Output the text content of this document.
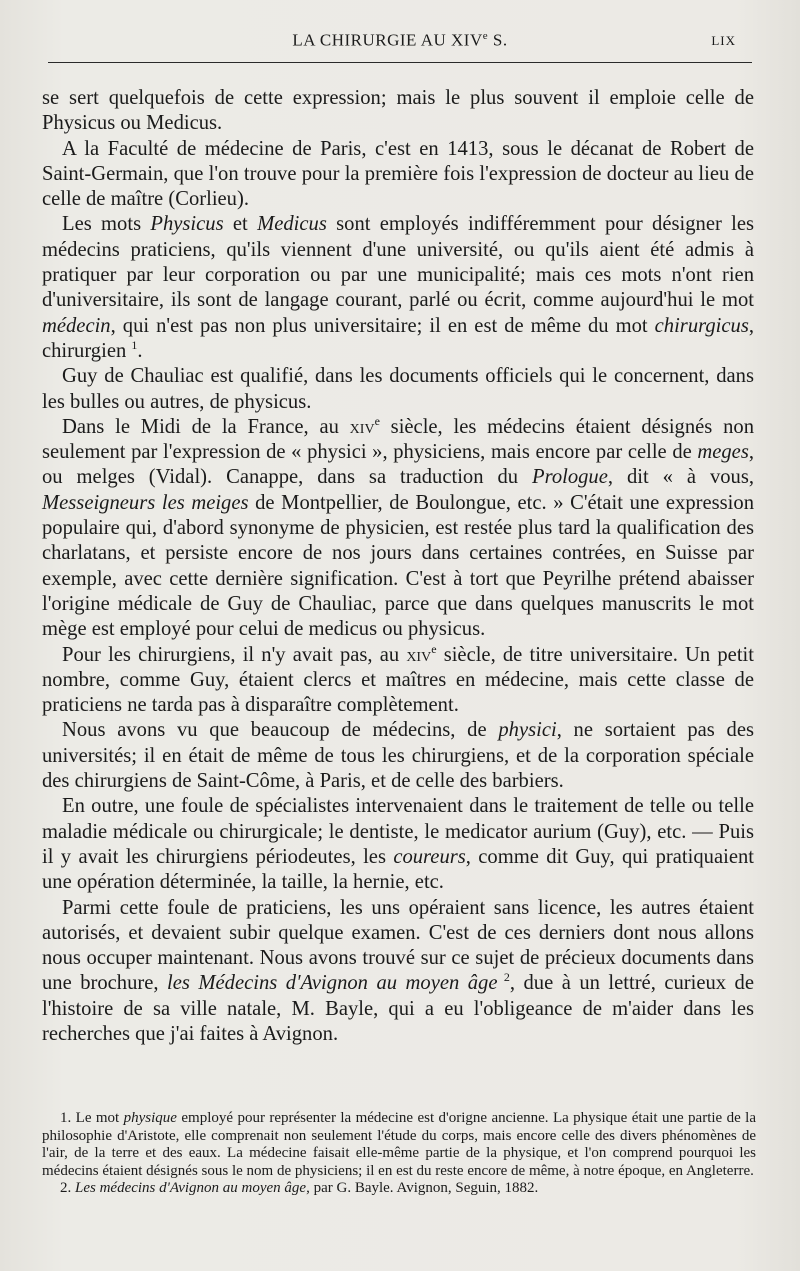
LA CHIRURGIE AU XIVe S.	LIX

se sert quelquefois de cette expression; mais le plus souvent il emploie celle de Physicus ou Medicus.

A la Faculté de médecine de Paris, c'est en 1413, sous le décanat de Robert de Saint-Germain, que l'on trouve pour la première fois l'expression de docteur au lieu de celle de maître (Corlieu).

Les mots Physicus et Medicus sont employés indifféremment pour désigner les médecins praticiens, qu'ils viennent d'une université, ou qu'ils aient été admis à pratiquer par leur corporation ou par une municipalité; mais ces mots n'ont rien d'universitaire, ils sont de langage courant, parlé ou écrit, comme aujourd'hui le mot médecin, qui n'est pas non plus universitaire; il en est de même du mot chirurgicus, chirurgien $^1$.

Guy de Chauliac est qualifié, dans les documents officiels qui le concernent, dans les bulles ou autres, de physicus.

Dans le Midi de la France, au xiv$^e$ siècle, les médecins étaient désignés non seulement par l'expression de « physici », physiciens, mais encore par celle de meges, ou melges (Vidal). Canappe, dans sa traduction du Prologue, dit « à vous, Messeigneurs les meiges de Montpellier, de Boulongue, etc. » C'était une expression populaire qui, d'abord synonyme de physicien, est restée plus tard la qualification des charlatans, et persiste encore de nos jours dans certaines contrées, en Suisse par exemple, avec cette dernière signification. C'est à tort que Peyrilhe prétend abaisser l'origine médicale de Guy de Chauliac, parce que dans quelques manuscrits le mot mège est employé pour celui de medicus ou physicus.

Pour les chirurgiens, il n'y avait pas, au xiv$^e$ siècle, de titre universitaire. Un petit nombre, comme Guy, étaient clercs et maîtres en médecine, mais cette classe de praticiens ne tarda pas à disparaître complètement.

Nous avons vu que beaucoup de médecins, de physici, ne sortaient pas des universités; il en était de même de tous les chirurgiens, et de la corporation spéciale des chirurgiens de Saint-Côme, à Paris, et de celle des barbiers.

En outre, une foule de spécialistes intervenaient dans le traitement de telle ou telle maladie médicale ou chirurgicale; le dentiste, le medicator aurium (Guy), etc. — Puis il y avait les chirurgiens périodeutes, les coureurs, comme dit Guy, qui pratiquaient une opération déterminée, la taille, la hernie, etc.

Parmi cette foule de praticiens, les uns opéraient sans licence, les autres étaient autorisés, et devaient subir quelque examen. C'est de ces derniers dont nous allons nous occuper maintenant. Nous avons trouvé sur ce sujet de précieux documents dans une brochure, les Médecins d'Avignon au moyen âge $^2$, due à un lettré, curieux de l'histoire de sa ville natale, M. Bayle, qui a eu l'obligeance de m'aider dans les recherches que j'ai faites à Avignon.

1. Le mot physique employé pour représenter la médecine est d'origne ancienne. La physique était une partie de la philosophie d'Aristote, elle comprenait non seulement l'étude du corps, mais encore celle des divers phénomènes de l'air, de la terre et des eaux. La médecine faisait elle-même partie de la physique, et l'on comprend pourquoi les médecins étaient désignés sous le nom de physiciens; il en est du reste encore de même, à notre époque, en Angleterre.

2. Les médecins d'Avignon au moyen âge, par G. Bayle. Avignon, Seguin, 1882.
